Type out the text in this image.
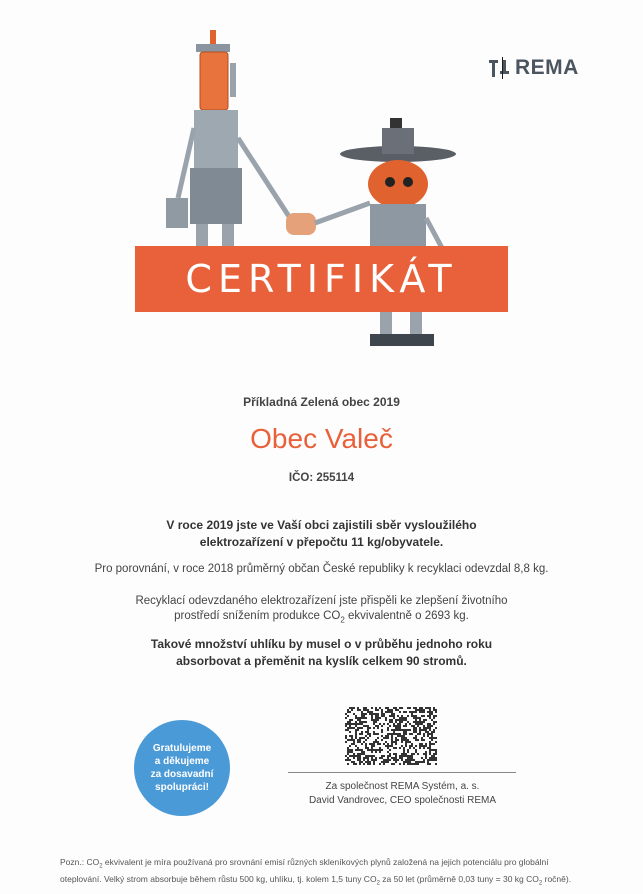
REMA
CERTIFIKÁT
Příkladná Zelená obec 2019
Obec Valeč
IČO: 255114
V roce 2019 jste ve Vaší obci zajistili sběr vysloužilého
elektrozařízení v přepočtu 11 kg/obyvatele.
Pro porovnání, v roce 2018 průměrný občan České republiky k recyklaci odevzdal 8,8 kg.
Recyklací odevzdaného elektrozařízení jste přispěli ke zlepšení životního
prostředí snížením produkce $CO_2$ ekvivalentně o 2693 kg.
Takové množství uhlíku by musel o v průběhu jednoho roku
absorbovat a přeměnit na kyslík celkem 90 stromů.
Gratulujeme
a děkujeme
za dosavadní
spolupráci!	Za společnost REMA Systém, a. s.
David Vandrovec, CEO společnosti REMA
Pozn.: $CO_2$ ekvivalent je míra používaná pro srovnání emisí různých skleníkových plynů založená na jejich potenciálu pro globální oteplování. Velký strom absorbuje během růstu 500 kg, uhlíku, tj. kolem 1,5 tuny $CO_2$ za 50 let (průměrně 0,03 tuny = 30 kg $CO_2$ ročně).
